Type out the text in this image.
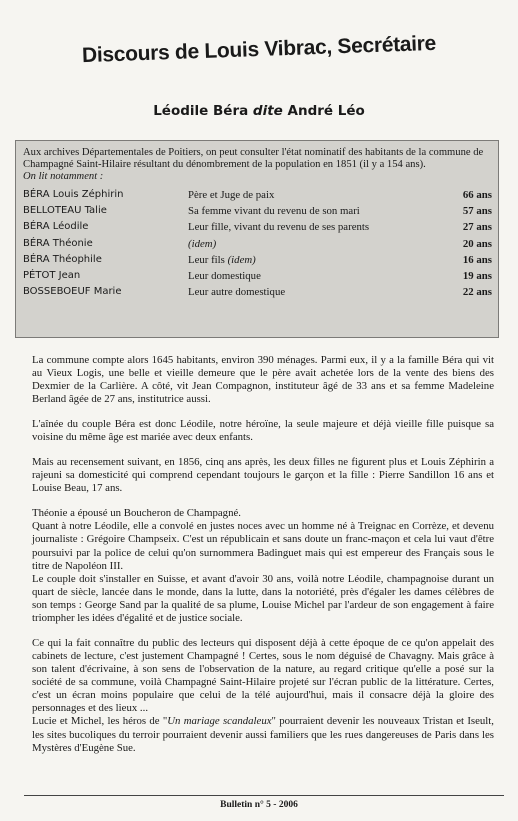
Discours de Louis Vibrac, Secrétaire
Léodile Béra dite André Léo

Aux archives Départementales de Poitiers, on peut consulter l'état nominatif des habitants de la commune de Champagné Saint-Hilaire résultant du dénombrement de la population en 1851 (il y a 154 ans).

On lit notamment :

BÉRA Louis Zéphirin	Père et Juge de paix	66 ans
BELLOTEAU Talie	Sa femme vivant du revenu de son mari	57 ans
BÉRA Léodile	Leur fille, vivant du revenu de ses parents	27 ans
BÉRA Théonie	(idem)	20 ans
BÉRA Théophile	Leur fils (idem)	16 ans
PÉTOT Jean	Leur domestique	19 ans
BOSSEBOEUF Marie	Leur autre domestique	22 ans

La commune compte alors 1645 habitants, environ 390 ménages. Parmi eux, il y a la famille Béra qui vit au Vieux Logis, une belle et vieille demeure que le père avait achetée lors de la vente des biens des Dexmier de la Carlière. A côté, vit Jean Compagnon, instituteur âgé de 33 ans et sa femme Madeleine Berland âgée de 27 ans, institutrice aussi.

L'aînée du couple Béra est donc Léodile, notre héroïne, la seule majeure et déjà vieille fille puisque sa voisine du même âge est mariée avec deux enfants.

Mais au recensement suivant, en 1856, cinq ans après, les deux filles ne figurent plus et Louis Zéphirin a rajeuni sa domesticité qui comprend cependant toujours le garçon et la fille : Pierre Sandillon 16 ans et Louise Beau, 17 ans.

Théonie a épousé un Boucheron de Champagné.

Quant à notre Léodile, elle a convolé en justes noces avec un homme né à Treignac en Corrèze, et devenu journaliste : Grégoire Champseix. C'est un républicain et sans doute un franc-maçon et cela lui vaut d'être poursuivi par la police de celui qu'on surnommera Badinguet mais qui est empereur des Français sous le titre de Napoléon III.

Le couple doit s'installer en Suisse, et avant d'avoir 30 ans, voilà notre Léodile, champagnoise durant un quart de siècle, lancée dans le monde, dans la lutte, dans la notoriété, près d'égaler les dames célèbres de son temps : George Sand par la qualité de sa plume, Louise Michel par l'ardeur de son engagement à faire triompher les idées d'égalité et de justice sociale.

Ce qui la fait connaître du public des lecteurs qui disposent déjà à cette époque de ce qu'on appelait des cabinets de lecture, c'est justement Champagné ! Certes, sous le nom déguisé de Chavagny. Mais grâce à son talent d'écrivaine, à son sens de l'observation de la nature, au regard critique qu'elle a posé sur la société de sa commune, voilà Champagné Saint-Hilaire projeté sur l'écran public de la littérature. Certes, c'est un écran moins populaire que celui de la télé aujourd'hui, mais il consacre déjà la gloire des personnages et des lieux ...

Lucie et Michel, les héros de "Un mariage scandaleux" pourraient devenir les nouveaux Tristan et Iseult, les sites bucoliques du terroir pourraient devenir aussi familiers que les rues dangereuses de Paris dans les Mystères d'Eugène Sue.

Bulletin n° 5 - 2006
